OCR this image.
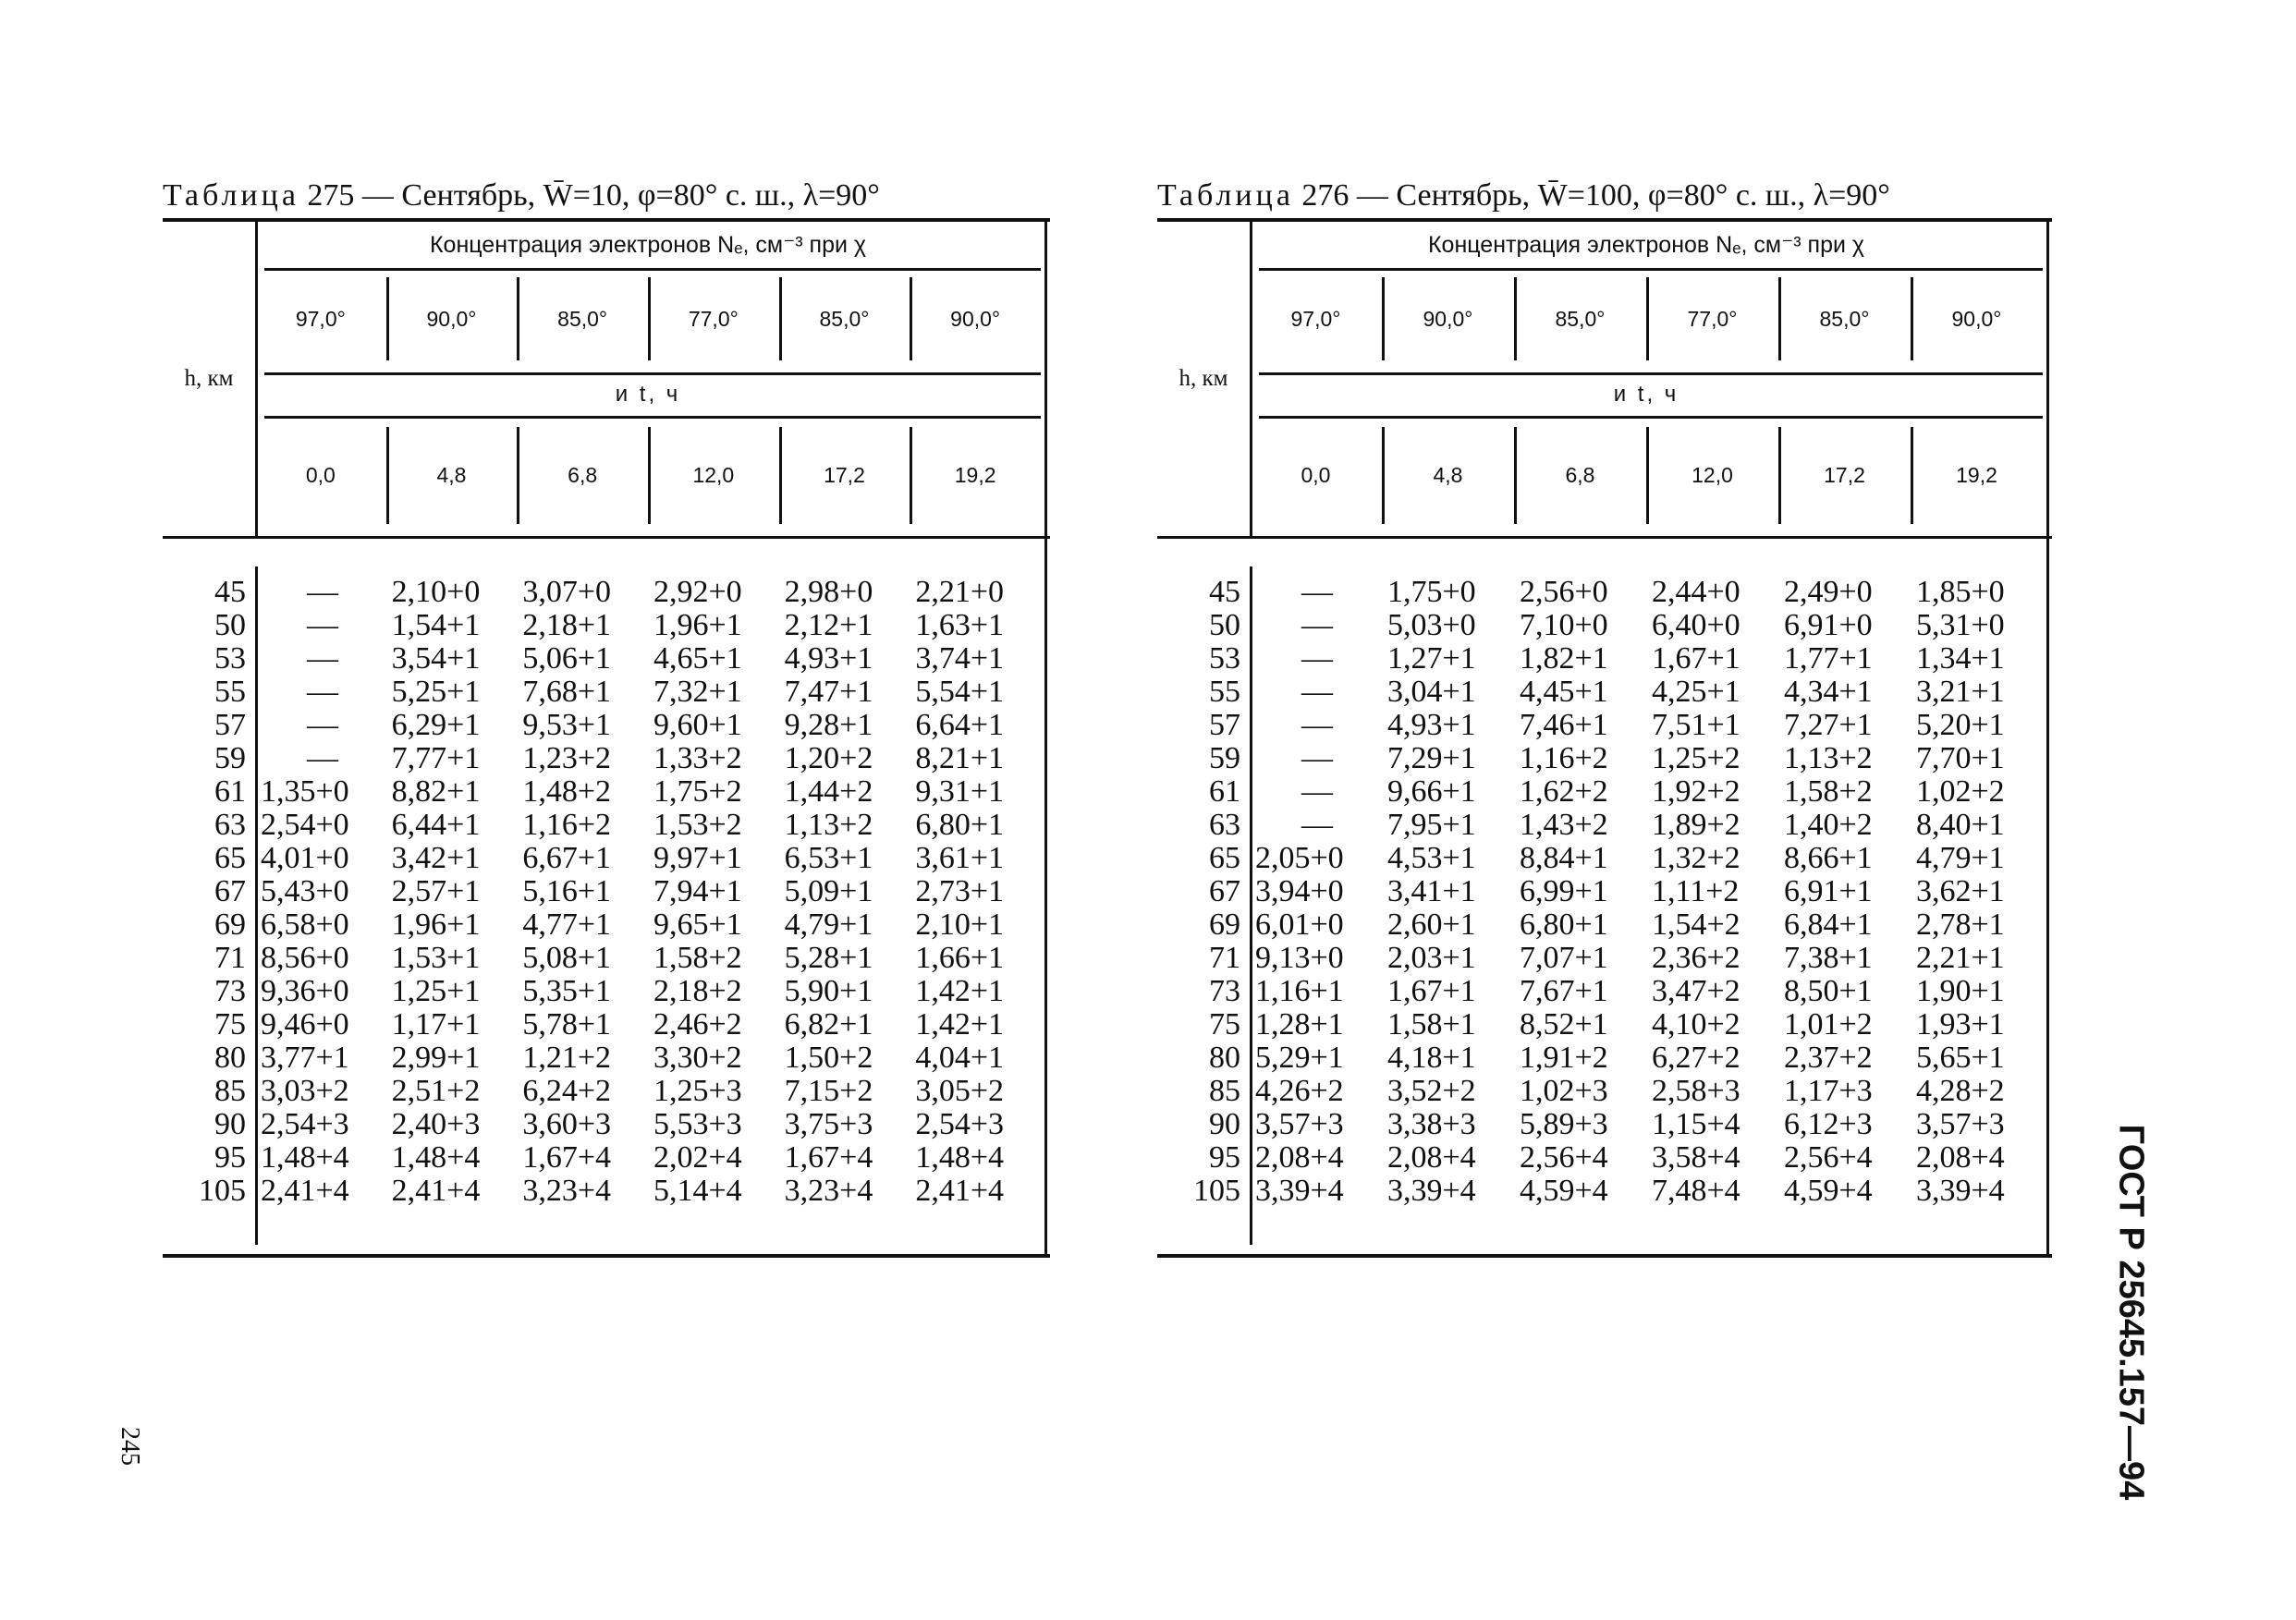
Таблица 275 — Сентябрь, W̄=10, φ=80° с. ш., λ=90°
h, км
Концентрация электронов Nₑ, см⁻³ при χ
97,0°	90,0°	85,0°	77,0°	85,0°	90,0°
и t, ч
0,0	4,8	6,8	12,0	17,2	19,2
45 — 2,10+0 3,07+0 2,92+0 2,98+0 2,21+0
50 — 1,54+1 2,18+1 1,96+1 2,12+1 1,63+1
53 — 3,54+1 5,06+1 4,65+1 4,93+1 3,74+1
55 — 5,25+1 7,68+1 7,32+1 7,47+1 5,54+1
57 — 6,29+1 9,53+1 9,60+1 9,28+1 6,64+1
59 — 7,77+1 1,23+2 1,33+2 1,20+2 8,21+1
61 1,35+0 8,82+1 1,48+2 1,75+2 1,44+2 9,31+1
63 2,54+0 6,44+1 1,16+2 1,53+2 1,13+2 6,80+1
65 4,01+0 3,42+1 6,67+1 9,97+1 6,53+1 3,61+1
67 5,43+0 2,57+1 5,16+1 7,94+1 5,09+1 2,73+1
69 6,58+0 1,96+1 4,77+1 9,65+1 4,79+1 2,10+1
71 8,56+0 1,53+1 5,08+1 1,58+2 5,28+1 1,66+1
73 9,36+0 1,25+1 5,35+1 2,18+2 5,90+1 1,42+1
75 9,46+0 1,17+1 5,78+1 2,46+2 6,82+1 1,42+1
80 3,77+1 2,99+1 1,21+2 3,30+2 1,50+2 4,04+1
85 3,03+2 2,51+2 6,24+2 1,25+3 7,15+2 3,05+2
90 2,54+3 2,40+3 3,60+3 5,53+3 3,75+3 2,54+3
95 1,48+4 1,48+4 1,67+4 2,02+4 1,67+4 1,48+4
105 2,41+4 2,41+4 3,23+4 5,14+4 3,23+4 2,41+4
Таблица 276 — Сентябрь, W̄=100, φ=80° с. ш., λ=90°
h, км
Концентрация электронов Nₑ, см⁻³ при χ
97,0°	90,0°	85,0°	77,0°	85,0°	90,0°
и t, ч
0,0	4,8	6,8	12,0	17,2	19,2
45 — 1,75+0 2,56+0 2,44+0 2,49+0 1,85+0
50 — 5,03+0 7,10+0 6,40+0 6,91+0 5,31+0
53 — 1,27+1 1,82+1 1,67+1 1,77+1 1,34+1
55 — 3,04+1 4,45+1 4,25+1 4,34+1 3,21+1
57 — 4,93+1 7,46+1 7,51+1 7,27+1 5,20+1
59 — 7,29+1 1,16+2 1,25+2 1,13+2 7,70+1
61 — 9,66+1 1,62+2 1,92+2 1,58+2 1,02+2
63 — 7,95+1 1,43+2 1,89+2 1,40+2 8,40+1
65 2,05+0 4,53+1 8,84+1 1,32+2 8,66+1 4,79+1
67 3,94+0 3,41+1 6,99+1 1,11+2 6,91+1 3,62+1
69 6,01+0 2,60+1 6,80+1 1,54+2 6,84+1 2,78+1
71 9,13+0 2,03+1 7,07+1 2,36+2 7,38+1 2,21+1
73 1,16+1 1,67+1 7,67+1 3,47+2 8,50+1 1,90+1
75 1,28+1 1,58+1 8,52+1 4,10+2 1,01+2 1,93+1
80 5,29+1 4,18+1 1,91+2 6,27+2 2,37+2 5,65+1
85 4,26+2 3,52+2 1,02+3 2,58+3 1,17+3 4,28+2
90 3,57+3 3,38+3 5,89+3 1,15+4 6,12+3 3,57+3
95 2,08+4 2,08+4 2,56+4 3,58+4 2,56+4 2,08+4
105 3,39+4 3,39+4 4,59+4 7,48+4 4,59+4 3,39+4	ГОСТ Р 25645.157—94
245
